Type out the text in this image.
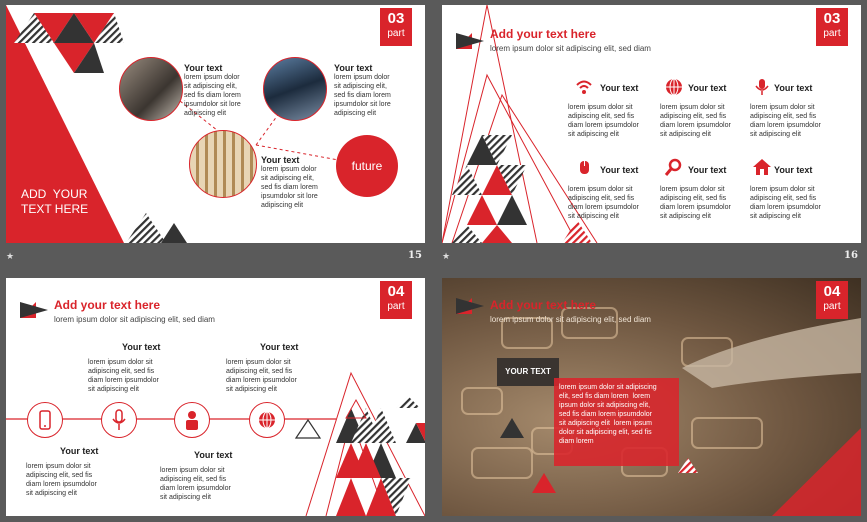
ADD  YOUR
TEXT HERE
future
Your text
lorem ipsum dolor
sit adipiscing elit,
sed fis diam lorem
ipsumdolor sit lore
adipiscing elit
Your text
lorem ipsum dolor
sit adipiscing elit,
sed fis diam lorem
ipsumdolor sit lore
adipiscing elit
Your text
lorem ipsum dolor
sit adipiscing elit,
sed fis diam lorem
ipsumdolor sit lore
adipiscing elit
03
part
★	15
03
part
Add your text here
lorem ipsum dolor sit adipiscing elit, sed diam
Your text
lorem ipsum dolor sit
adipiscing elit, sed fis
diam lorem ipsumdolor
sit adipiscing elit
Your text
lorem ipsum dolor sit
adipiscing elit, sed fis
diam lorem ipsumdolor
sit adipiscing elit
Your text
lorem ipsum dolor sit
adipiscing elit, sed fis
diam lorem ipsumdolor
sit adipiscing elit
Your text
lorem ipsum dolor sit
adipiscing elit, sed fis
diam lorem ipsumdolor
sit adipiscing elit
Your text
lorem ipsum dolor sit
adipiscing elit, sed fis
diam lorem ipsumdolor
sit adipiscing elit
Your text
lorem ipsum dolor sit
adipiscing elit, sed fis
diam lorem ipsumdolor
sit adipiscing elit
★	16
04
part
Add your text here
lorem ipsum dolor sit adipiscing elit, sed diam
Your text
lorem ipsum dolor sit
adipiscing elit, sed fis
diam lorem ipsumdolor
sit adipiscing elit
Your text
lorem ipsum dolor sit
adipiscing elit, sed fis
diam lorem ipsumdolor
sit adipiscing elit
Your text
lorem ipsum dolor sit
adipiscing elit, sed fis
diam lorem ipsumdolor
sit adipiscing elit
Your text
lorem ipsum dolor sit
adipiscing elit, sed fis
diam lorem ipsumdolor
sit adipiscing elit
YOUR TEXT
lorem ipsum dolor sit adipiscing
elit, sed fis diam lorem  lorem
ipsum dolor sit adipiscing elit,
sed fis diam lorem ipsumdolor
sit adipiscing elit  lorem ipsum
dolor sit adipiscing elit, sed fis
diam lorem
04
part
Add your text here
lorem ipsum dolor sit adipiscing elit, sed diam
